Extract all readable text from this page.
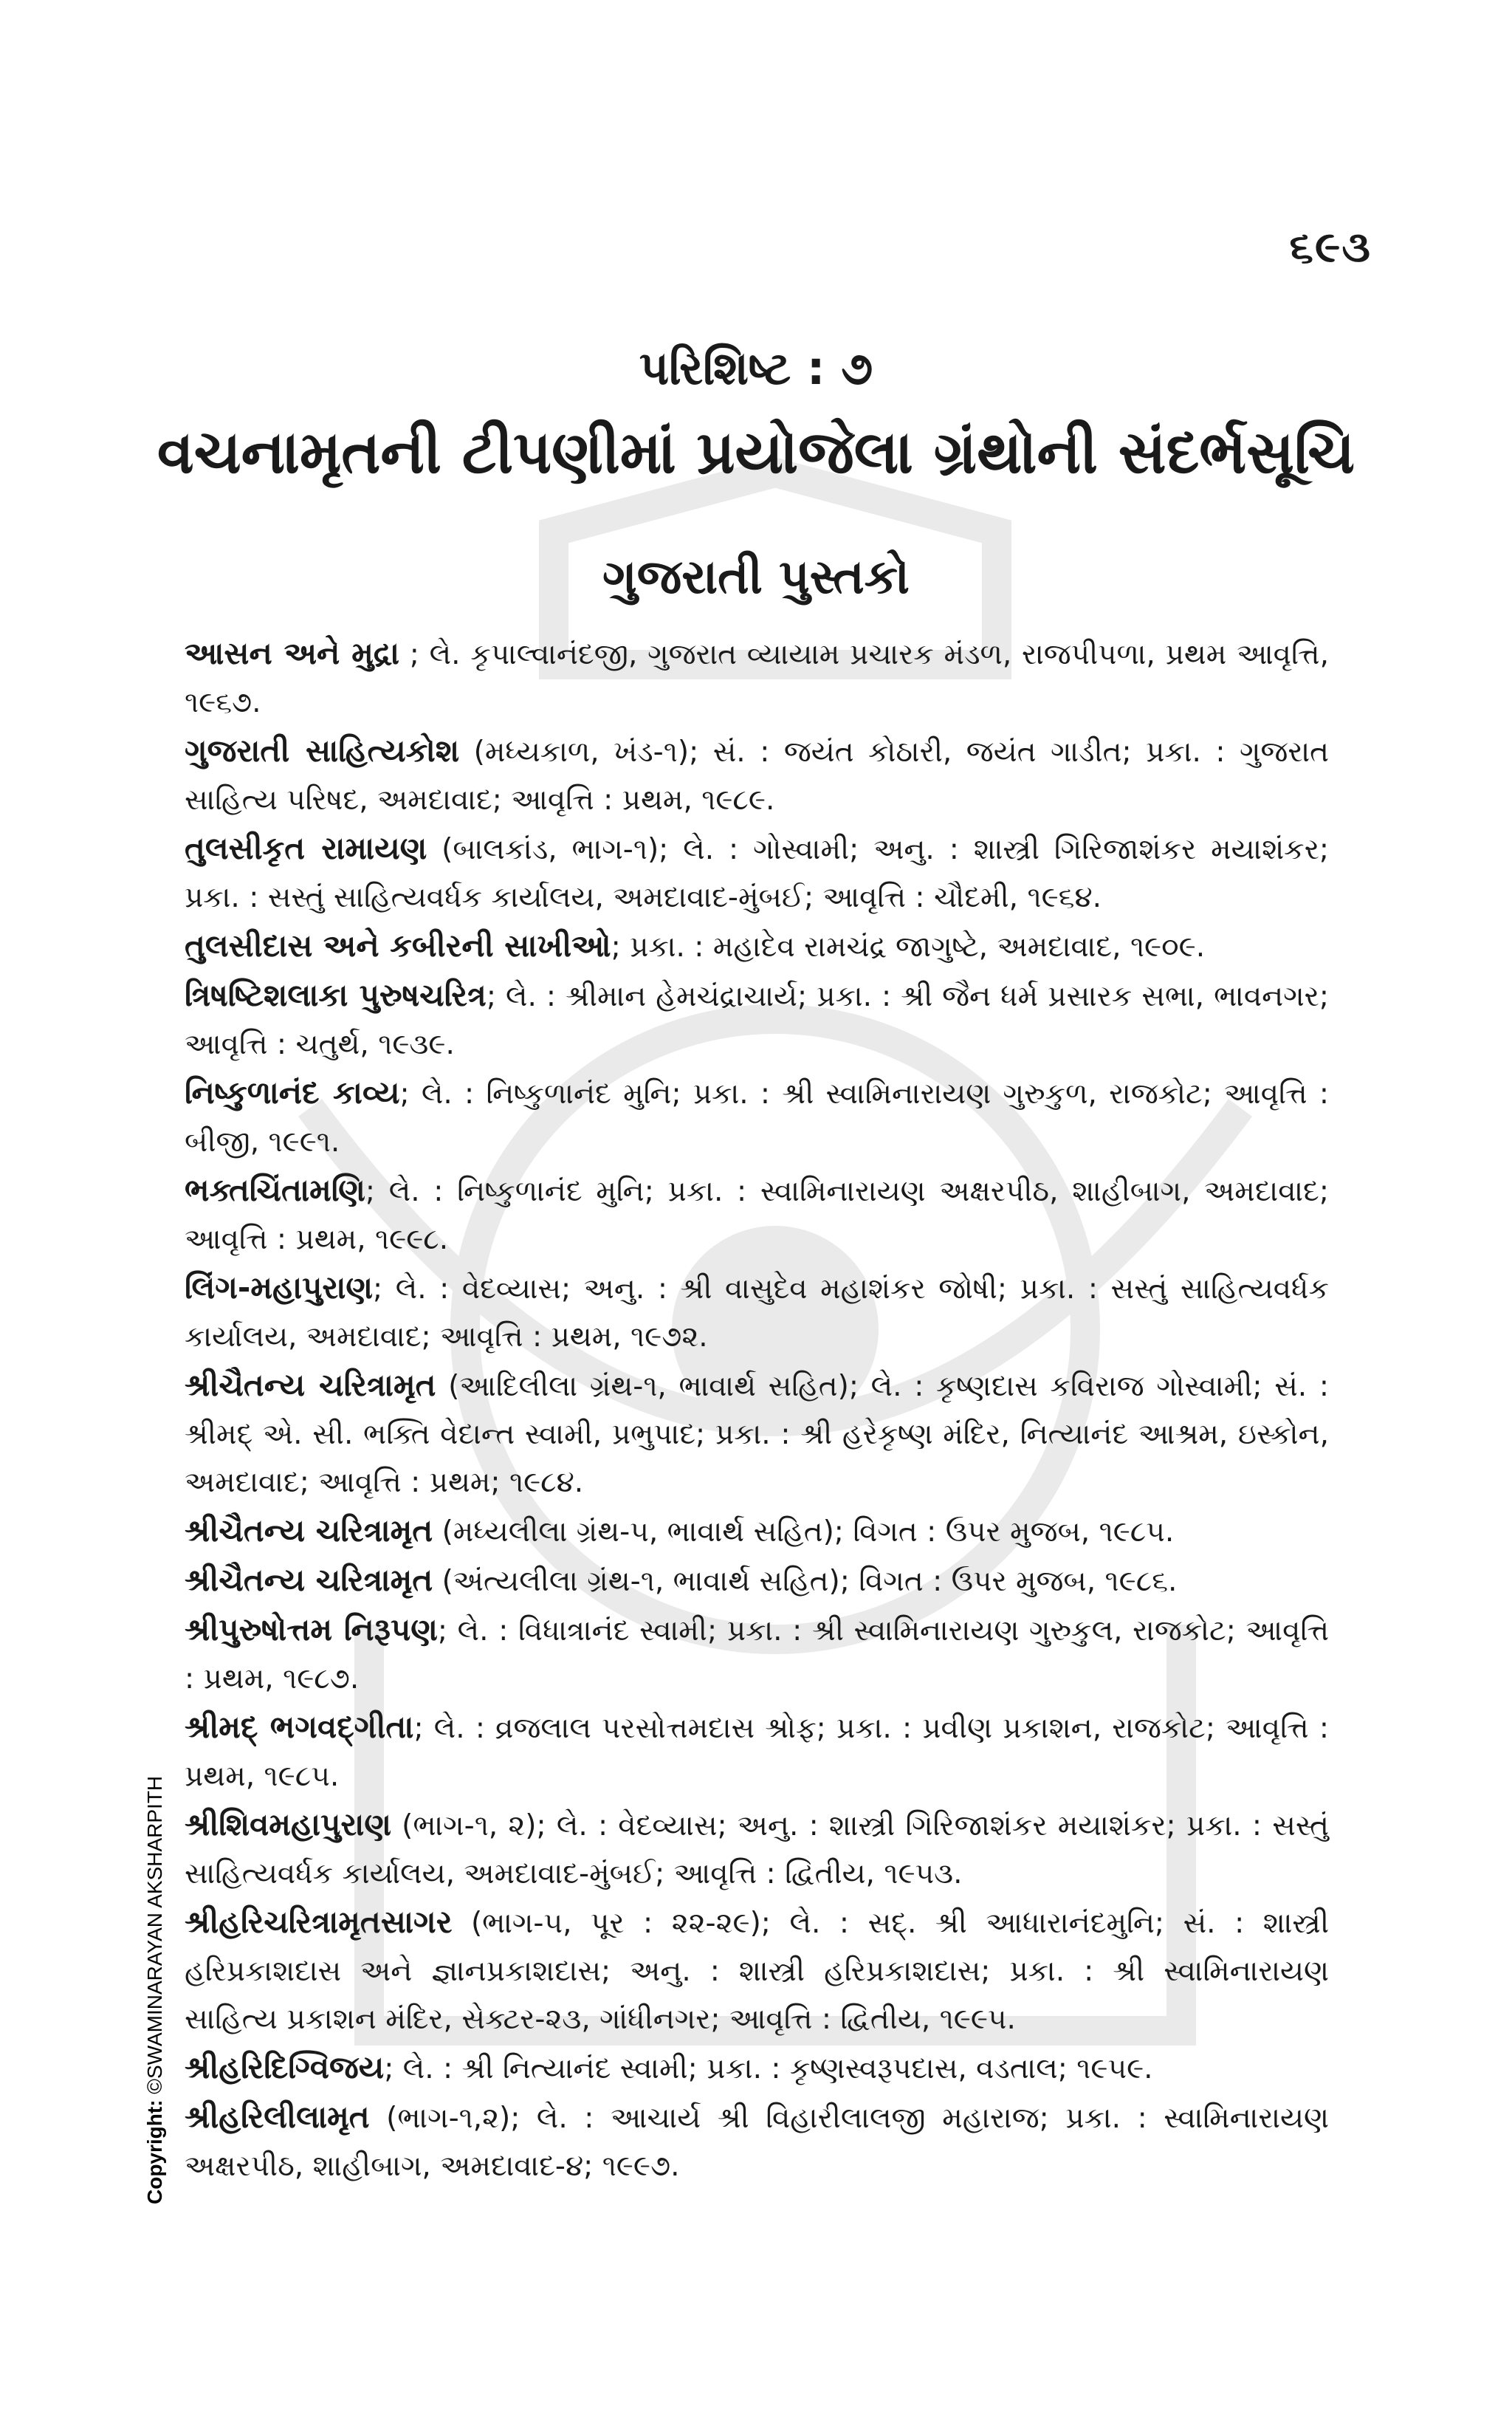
૬૯૩
પરિશિષ્ટ : ૭
વચનામૃતની ટીપણીમાં પ્રયોજેલા ગ્રંથોની સંદર્ભસૂચિ
ગુજરાતી પુસ્તકો
Copyright: ©SWAMINARAYAN AKSHARPITH

આસન અને મુદ્રા ; લે. કૃપાલ્વાનંદજી, ગુજરાત વ્યાયામ પ્રચારક મંડળ, રાજપીપળા, પ્રથમ આવૃત્તિ, ૧૯૬૭.

ગુજરાતી સાહિત્યકોશ (મધ્યકાળ, ખંડ-૧); સં. : જયંત કોઠારી, જયંત ગાડીત; પ્રકા. : ગુજરાત સાહિત્ય પરિષદ, અમદાવાદ; આવૃત્તિ : પ્રથમ, ૧૯૮૯.

તુલસીકૃત રામાયણ (બાલકાંડ, ભાગ-૧); લે. : ગોસ્વામી; અનુ. : શાસ્ત્રી ગિરિજાશંકર મયાશંકર; પ્રકા. : સસ્તું સાહિત્યવર્ધક કાર્યાલય, અમદાવાદ-મુંબઈ; આવૃત્તિ : ચૌદમી, ૧૯૬૪.

તુલસીદાસ અને કબીરની સાખીઓ; પ્રકા. : મહાદેવ રામચંદ્ર જાગુષ્ટે, અમદાવાદ, ૧૯૦૯.

ત્રિષષ્ટિશલાકા પુરુષચરિત્ર; લે. : શ્રીમાન હેમચંદ્રાચાર્ય; પ્રકા. : શ્રી જૈન ધર્મ પ્રસારક સભા, ભાવનગર; આવૃત્તિ : ચતુર્થ, ૧૯૩૯.

નિષ્કુળાનંદ કાવ્ય; લે. : નિષ્કુળાનંદ મુનિ; પ્રકા. : શ્રી સ્વામિનારાયણ ગુરુકુળ, રાજકોટ; આવૃત્તિ : બીજી, ૧૯૯૧.

ભક્તચિંતામણિ; લે. : નિષ્કુળાનંદ મુનિ; પ્રકા. : સ્વામિનારાયણ અક્ષરપીઠ, શાહીબાગ, અમદાવાદ; આવૃત્તિ : પ્રથમ, ૧૯૯૮.

લિંગ-મહાપુરાણ; લે. : વેદવ્યાસ; અનુ. : શ્રી વાસુદેવ મહાશંકર જોષી; પ્રકા. : સસ્તું સાહિત્યવર્ધક કાર્યાલય, અમદાવાદ; આવૃત્તિ : પ્રથમ, ૧૯૭૨.

શ્રીચૈતન્ય ચરિત્રામૃત (આદિલીલા ગ્રંથ-૧, ભાવાર્થ સહિત); લે. : કૃષ્ણદાસ કવિરાજ ગોસ્વામી; સં. : શ્રીમદ્ એ. સી. ભક્તિ વેદાન્ત સ્વામી, પ્રભુપાદ; પ્રકા. : શ્રી હરેકૃષ્ણ મંદિર, નિત્યાનંદ આશ્રમ, ઇસ્કોન, અમદાવાદ; આવૃત્તિ : પ્રથમ; ૧૯૮૪.

શ્રીચૈતન્ય ચરિત્રામૃત (મધ્યલીલા ગ્રંથ-૫, ભાવાર્થ સહિત); વિગત : ઉપર મુજબ, ૧૯૮૫.

શ્રીચૈતન્ય ચરિત્રામૃત (અંત્યલીલા ગ્રંથ-૧, ભાવાર્થ સહિત); વિગત : ઉપર મુજબ, ૧૯૮૬.

શ્રીપુરુષોત્તમ નિરૂપણ; લે. : વિધાત્રાનંદ સ્વામી; પ્રકા. : શ્રી સ્વામિનારાયણ ગુરુકુલ, રાજકોટ; આવૃત્તિ : પ્રથમ, ૧૯૮૭.

શ્રીમદ્ ભગવદ્ગીતા; લે. : વ્રજલાલ પરસોત્તમદાસ શ્રોફ; પ્રકા. : પ્રવીણ પ્રકાશન, રાજકોટ; આવૃત્તિ : પ્રથમ, ૧૯૮૫.

શ્રીશિવમહાપુરાણ (ભાગ-૧, ૨); લે. : વેદવ્યાસ; અનુ. : શાસ્ત્રી ગિરિજાશંકર મયાશંકર; પ્રકા. : સસ્તું સાહિત્યવર્ધક કાર્યાલય, અમદાવાદ-મુંબઈ; આવૃત્તિ : દ્વિતીય, ૧૯૫૩.

શ્રીહરિચરિત્રામૃતસાગર (ભાગ-૫, પૂર : ૨૨-૨૯); લે. : સદ્. શ્રી આધારાનંદમુનિ; સં. : શાસ્ત્રી હરિપ્રકાશદાસ અને જ્ઞાનપ્રકાશદાસ; અનુ. : શાસ્ત્રી હરિપ્રકાશદાસ; પ્રકા. : શ્રી સ્વામિનારાયણ સાહિત્ય પ્રકાશન મંદિર, સેક્ટર-૨૩, ગાંધીનગર; આવૃત્તિ : દ્વિતીય, ૧૯૯૫.

શ્રીહરિદિગ્વિજય; લે. : શ્રી નિત્યાનંદ સ્વામી; પ્રકા. : કૃષ્ણસ્વરૂપદાસ, વડતાલ; ૧૯૫૯.

શ્રીહરિલીલામૃત (ભાગ-૧,૨); લે. : આચાર્ય શ્રી વિહારીલાલજી મહારાજ; પ્રકા. : સ્વામિનારાયણ અક્ષરપીઠ, શાહીબાગ, અમદાવાદ-૪; ૧૯૯૭.
